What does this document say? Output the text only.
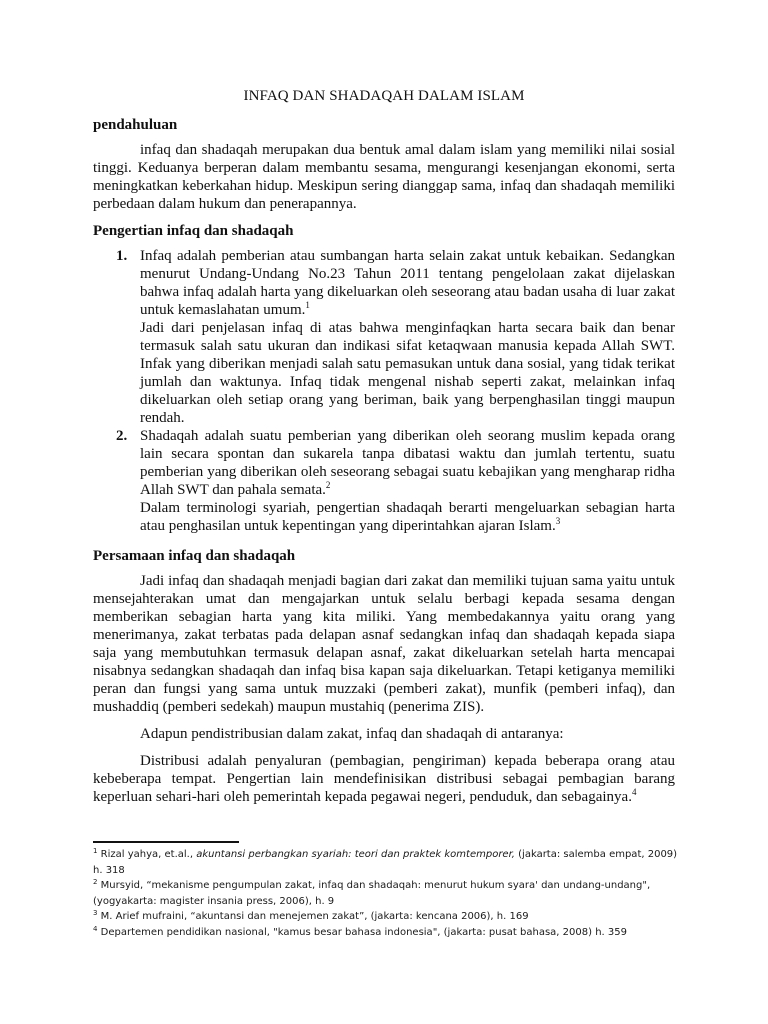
INFAQ DAN SHADAQAH DALAM ISLAM
pendahuluan

infaq dan shadaqah merupakan dua bentuk amal dalam islam yang memiliki nilai sosial tinggi. Keduanya berperan dalam membantu sesama, mengurangi kesenjangan ekonomi, serta meningkatkan keberkahan hidup. Meskipun sering dianggap sama, infaq dan shadaqah memiliki perbedaan dalam hukum dan penerapannya.

Pengertian infaq dan shadaqah
1. Infaq adalah pemberian atau sumbangan harta selain zakat untuk kebaikan. Sedangkan menurut Undang-Undang No.23 Tahun 2011 tentang pengelolaan zakat dijelaskan bahwa infaq adalah harta yang dikeluarkan oleh seseorang atau badan usaha di luar zakat untuk kemaslahatan umum.$^1$
Jadi dari penjelasan infaq di atas bahwa menginfaqkan harta secara baik dan benar termasuk salah satu ukuran dan indikasi sifat ketaqwaan manusia kepada Allah SWT. Infak yang diberikan menjadi salah satu pemasukan untuk dana sosial, yang tidak terikat jumlah dan waktunya. Infaq tidak mengenal nishab seperti zakat, melainkan infaq dikeluarkan oleh setiap orang yang beriman, baik yang berpenghasilan tinggi maupun rendah.
2. Shadaqah adalah suatu pemberian yang diberikan oleh seorang muslim kepada orang lain secara spontan dan sukarela tanpa dibatasi waktu dan jumlah tertentu, suatu pemberian yang diberikan oleh seseorang sebagai suatu kebajikan yang mengharap ridha Allah SWT dan pahala semata.$^2$
Dalam terminologi syariah, pengertian shadaqah berarti mengeluarkan sebagian harta atau penghasilan untuk kepentingan yang diperintahkan ajaran Islam.$^3$
Persamaan infaq dan shadaqah

Jadi infaq dan shadaqah menjadi bagian dari zakat dan memiliki tujuan sama yaitu untuk mensejahterakan umat dan mengajarkan untuk selalu berbagi kepada sesama dengan memberikan sebagian harta yang kita miliki. Yang membedakannya yaitu orang yang menerimanya, zakat terbatas pada delapan asnaf sedangkan infaq dan shadaqah kepada siapa saja yang membutuhkan termasuk delapan asnaf, zakat dikeluarkan setelah harta mencapai nisabnya sedangkan shadaqah dan infaq bisa kapan saja dikeluarkan. Tetapi ketiganya memiliki peran dan fungsi yang sama untuk muzzaki (pemberi zakat), munfik (pemberi infaq), dan mushaddiq (pemberi sedekah) maupun mustahiq (penerima ZIS).

Adapun pendistribusian dalam zakat, infaq dan shadaqah di antaranya:

Distribusi adalah penyaluran (pembagian, pengiriman) kepada beberapa orang atau kebeberapa tempat. Pengertian lain mendefinisikan distribusi sebagai pembagian barang keperluan sehari-hari oleh pemerintah kepada pegawai negeri, penduduk, dan sebagainya.$^4$

$^1$ Rizal yahya, et.al., akuntansi perbangkan syariah: teori dan praktek komtemporer, (jakarta: salemba empat, 2009) h. 318
$^2$ Mursyid, “mekanisme pengumpulan zakat, infaq dan shadaqah: menurut hukum syara' dan undang-undang", (yogyakarta: magister insania press, 2006), h. 9
$^3$ M. Arief mufraini, “akuntansi dan menejemen zakat”, (jakarta: kencana 2006), h. 169
$^4$ Departemen pendidikan nasional, "kamus besar bahasa indonesia", (jakarta: pusat bahasa, 2008) h. 359
